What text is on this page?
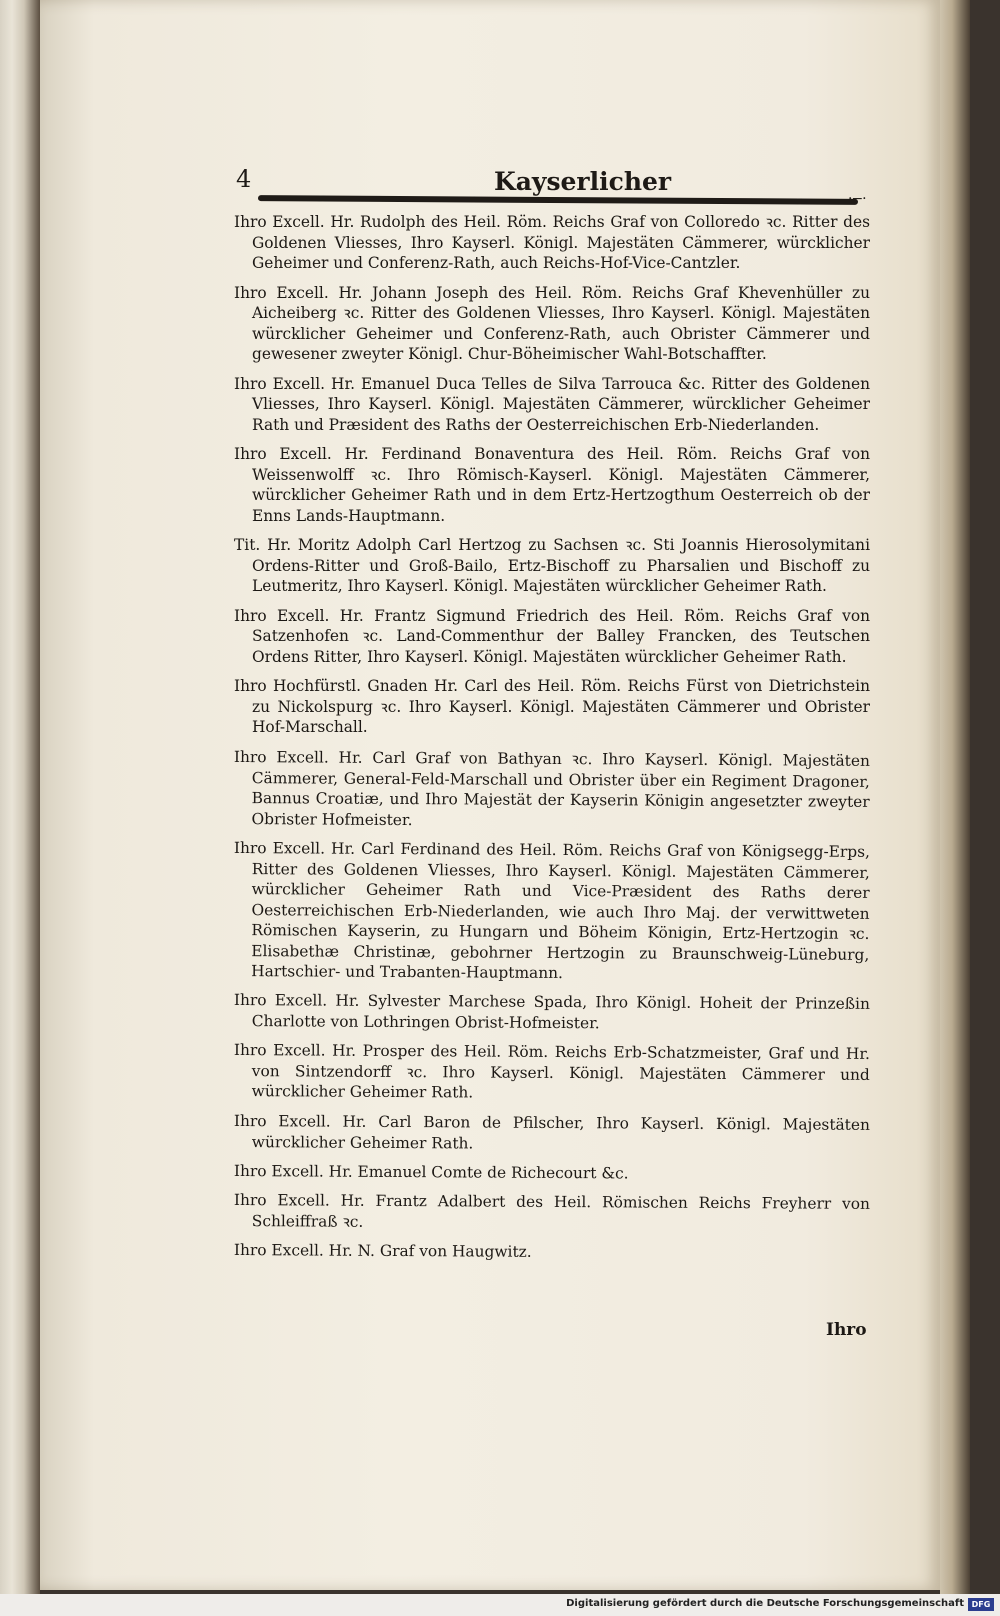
4	Kayserlicher
·−·

Ihro Excell. Hr. Rudolph des Heil. Röm. Reichs Graf von Colloredo ꝛc. Ritter des Goldenen Vliesses, Ihro Kayserl. Königl. Majestäten Cämmerer, würcklicher Geheimer und Conferenz-Rath, auch Reichs-Hof-Vice-Cantzler.

Ihro Excell. Hr. Johann Joseph des Heil. Röm. Reichs Graf Khevenhüller zu Aicheiberg ꝛc. Ritter des Goldenen Vliesses, Ihro Kayserl. Königl. Majestäten würcklicher Geheimer und Conferenz-Rath, auch Obrister Cämmerer und gewesener zweyter Königl. Chur-Böheimischer Wahl-Botschaffter.

Ihro Excell. Hr. Emanuel Duca Telles de Silva Tarrouca &c. Ritter des Goldenen Vliesses, Ihro Kayserl. Königl. Majestäten Cämmerer, würcklicher Geheimer Rath und Præsident des Raths der Oesterreichischen Erb-Niederlanden.

Ihro Excell. Hr. Ferdinand Bonaventura des Heil. Röm. Reichs Graf von Weissenwolff ꝛc. Ihro Römisch-Kayserl. Königl. Majestäten Cämmerer, würcklicher Geheimer Rath und in dem Ertz-Hertzogthum Oesterreich ob der Enns Lands-Hauptmann.

Tit. Hr. Moritz Adolph Carl Hertzog zu Sachsen ꝛc. Sti Joannis Hierosolymitani Ordens-Ritter und Groß-Bailo, Ertz-Bischoff zu Pharsalien und Bischoff zu Leutmeritz, Ihro Kayserl. Königl. Majestäten würcklicher Geheimer Rath.

Ihro Excell. Hr. Frantz Sigmund Friedrich des Heil. Röm. Reichs Graf von Satzenhofen ꝛc. Land-Commenthur der Balley Francken, des Teutschen Ordens Ritter, Ihro Kayserl. Königl. Majestäten würcklicher Geheimer Rath.

Ihro Hochfürstl. Gnaden Hr. Carl des Heil. Röm. Reichs Fürst von Dietrichstein zu Nickolspurg ꝛc. Ihro Kayserl. Königl. Majestäten Cämmerer und Obrister Hof-Marschall.

Ihro Excell. Hr. Carl Graf von Bathyan ꝛc. Ihro Kayserl. Königl. Majestäten Cämmerer, General-Feld-Marschall und Obrister über ein Regiment Dragoner, Bannus Croatiæ, und Ihro Majestät der Kayserin Königin angesetzter zweyter Obrister Hofmeister.

Ihro Excell. Hr. Carl Ferdinand des Heil. Röm. Reichs Graf von Königsegg-Erps, Ritter des Goldenen Vliesses, Ihro Kayserl. Königl. Majestäten Cämmerer, würcklicher Geheimer Rath und Vice-Præsident des Raths derer Oesterreichischen Erb-Niederlanden, wie auch Ihro Maj. der verwittweten Römischen Kayserin, zu Hungarn und Böheim Königin, Ertz-Hertzogin ꝛc. Elisabethæ Christinæ, gebohrner Hertzogin zu Braunschweig-Lüneburg, Hartschier- und Trabanten-Hauptmann.

Ihro Excell. Hr. Sylvester Marchese Spada, Ihro Königl. Hoheit der Prinzeßin Charlotte von Lothringen Obrist-Hofmeister.

Ihro Excell. Hr. Prosper des Heil. Röm. Reichs Erb-Schatzmeister, Graf und Hr. von Sintzendorff ꝛc. Ihro Kayserl. Königl. Majestäten Cämmerer und würcklicher Geheimer Rath.

Ihro Excell. Hr. Carl Baron de Pfilscher, Ihro Kayserl. Königl. Majestäten würcklicher Geheimer Rath.

Ihro Excell. Hr. Emanuel Comte de Richecourt &c.

Ihro Excell. Hr. Frantz Adalbert des Heil. Römischen Reichs Freyherr von Schleiffraß ꝛc.

Ihro Excell. Hr. N. Graf von Haugwitz.

Ihro
Digitalisierung gefördert durch die Deutsche Forschungsgemeinschaft DFG
